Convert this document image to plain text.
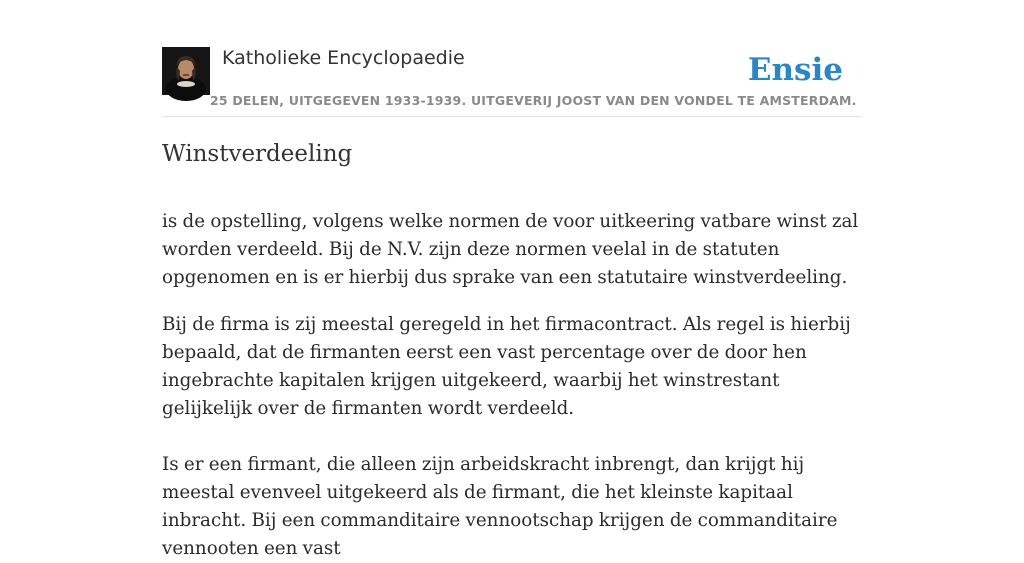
Katholieke Encyclopaedie
25 DELEN, UITGEGEVEN 1933-1939. UITGEVERIJ JOOST VAN DEN VONDEL TE AMSTERDAM.
Ensie
Winstverdeeling

is de opstelling, volgens welke normen de voor uitkeering vatbare winst zal worden verdeeld. Bij de N.V. zijn deze normen veelal in de statuten opgenomen en is er hierbij dus sprake van een statutaire winstverdeeling.

Bij de firma is zij meestal geregeld in het firmacontract. Als regel is hierbij bepaald, dat de firmanten eerst een vast percentage over de door hen ingebrachte kapitalen krijgen uitgekeerd, waarbij het winstrestant gelijkelijk over de firmanten wordt verdeeld.

Is er een firmant, die alleen zijn arbeidskracht inbrengt, dan krijgt hij meestal evenveel uitgekeerd als de firmant, die het kleinste kapitaal inbracht. Bij een commanditaire vennootschap krijgen de commanditaire vennooten een vast
